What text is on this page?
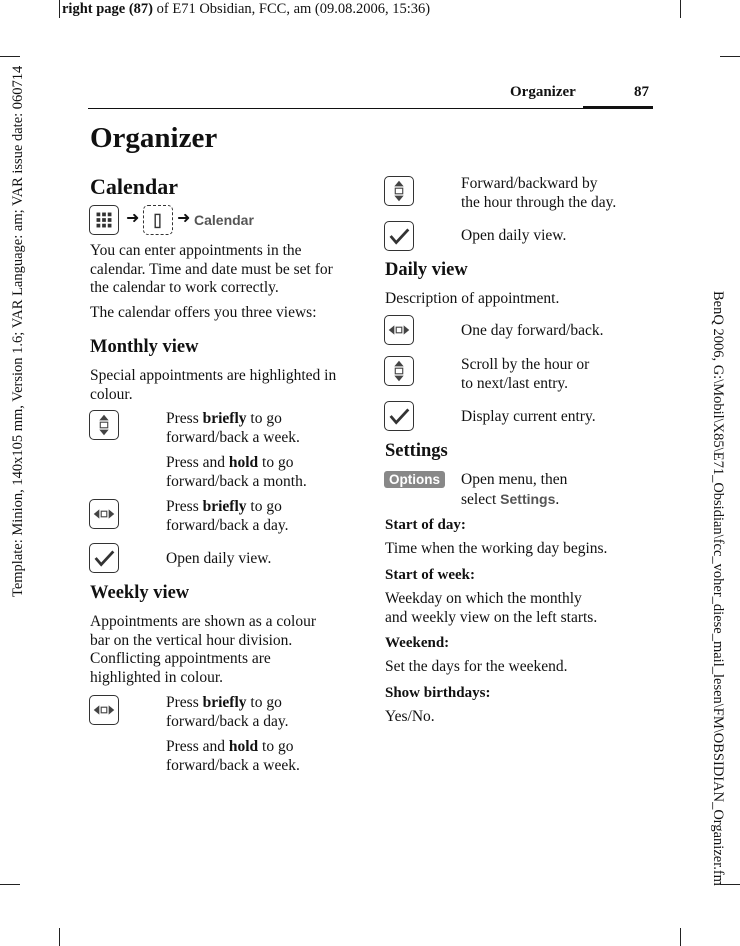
right page (87) of E71 Obsidian, FCC, am (09.08.2006, 15:36)
Template: Minion, 140x105 mm, Version 1.6; VAR Language: am; VAR issue date: 060714	BenQ 2006, G:\Mobil\X85\E71_Obsidian\fcc_voher_diese_mail_lesen\FM\OBSIDIAN_Organizer.fm
Organizer	87
Organizer
Calendar
➜ ➜ Calendar
You can enter appointments in the
calendar. Time and date must be set for
the calendar to work correctly.
The calendar offers you three views:
Monthly view
Special appointments are highlighted in
colour.
Press briefly to go
forward/back a week.
Press and hold to go
forward/back a month.
Press briefly to go
forward/back a day.
Open daily view.
Weekly view
Appointments are shown as a colour
bar on the vertical hour division.
Conflicting appointments are
highlighted in colour.
Press briefly to go
forward/back a day.
Press and hold to go
forward/back a week.
Forward/backward by
the hour through the day.
Open daily view.
Daily view
Description of appointment.
One day forward/back.
Scroll by the hour or
to next/last entry.
Display current entry.
Settings
Options	Open menu, then
select Settings.
Start of day:
Time when the working day begins.
Start of week:
Weekday on which the monthly
and weekly view on the left starts.
Weekend:
Set the days for the weekend.
Show birthdays:
Yes/No.
